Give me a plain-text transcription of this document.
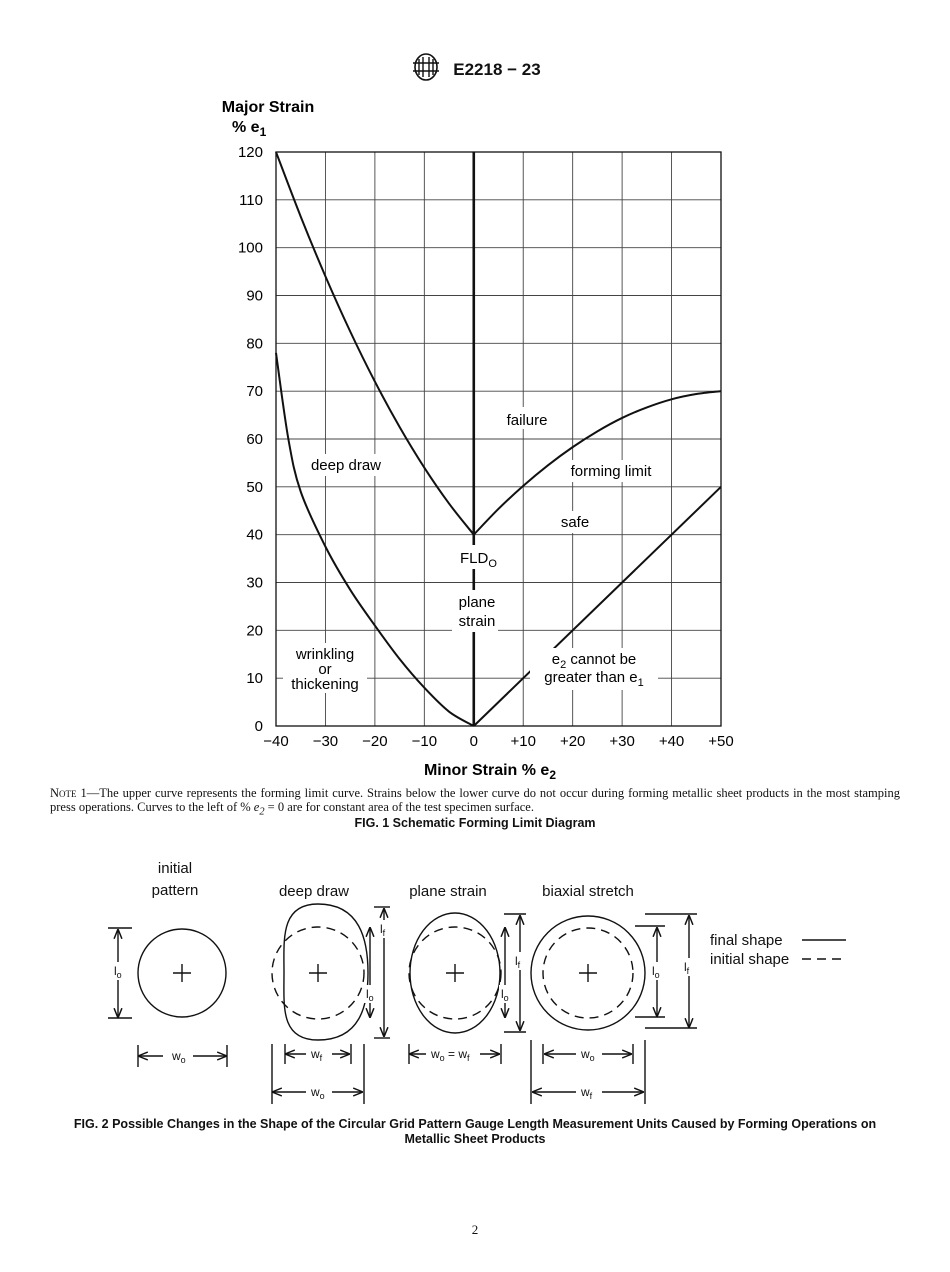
E2218 − 23
−40 −30 −20 −10 0 +10 +20 +30 +40 +50
0
10
20
30
40
50
60
70
80
90
100
110
120
Major Strain
% $e_1$
Minor Strain % $e_2$
failure
deep draw	forming limit
safe
$FLD_O$
plane
strain
wrinkling
or
thickening
$e_2$ cannot be
greater than $e_1$
Note 1—The upper curve represents the forming limit curve. Strains below the lower curve do not occur during forming metallic sheet products in the most stamping press operations. Curves to the left of % $e_2 = 0$ are for constant area of the test specimen surface.
FIG. 1 Schematic Forming Limit Diagram
initial
pattern	deep draw	plane strain	biaxial stretch
$l_o$
$w_o$
$l_f$
$l_o$
$w_f$
$w_o$
$l_f$
$l_o$
$w_o = w_f$
$l_f$
$l_o$
$w_o$
$w_f$
final shape
initial shape
FIG. 2 Possible Changes in the Shape of the Circular Grid Pattern Gauge Length Measurement Units Caused by Forming Operations on Metallic Sheet Products
2
